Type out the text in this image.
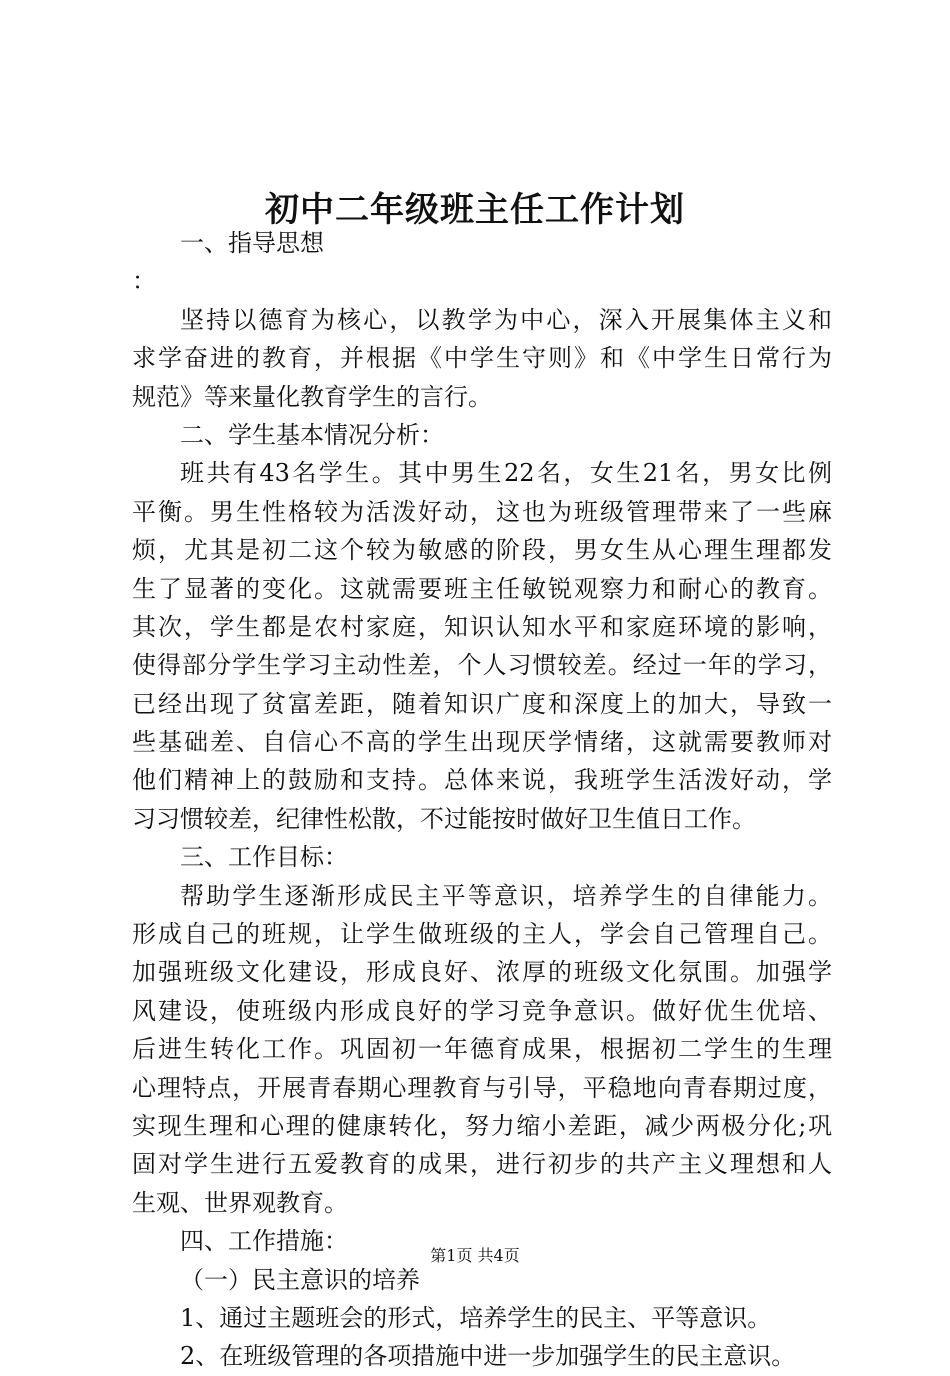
初中二年级班主任工作计划
一、指导思想
：
坚持以德育为核心，以教学为中心，深入开展集体主义和
求学奋进的教育，并根据《中学生守则》和《中学生日常行为
规范》等来量化教育学生的言行。
二、学生基本情况分析：
班共有43名学生。其中男生22名，女生21名，男女比例
平衡。男生性格较为活泼好动，这也为班级管理带来了一些麻
烦，尤其是初二这个较为敏感的阶段，男女生从心理生理都发
生了显著的变化。这就需要班主任敏锐观察力和耐心的教育。
其次，学生都是农村家庭，知识认知水平和家庭环境的影响，
使得部分学生学习主动性差，个人习惯较差。经过一年的学习，
已经出现了贫富差距，随着知识广度和深度上的加大，导致一
些基础差、自信心不高的学生出现厌学情绪，这就需要教师对
他们精神上的鼓励和支持。总体来说，我班学生活泼好动，学
习习惯较差，纪律性松散，不过能按时做好卫生值日工作。
三、工作目标：
帮助学生逐渐形成民主平等意识，培养学生的自律能力。
形成自己的班规，让学生做班级的主人，学会自己管理自己。
加强班级文化建设，形成良好、浓厚的班级文化氛围。加强学
风建设，使班级内形成良好的学习竞争意识。做好优生优培、
后进生转化工作。巩固初一年德育成果，根据初二学生的生理
心理特点，开展青春期心理教育与引导，平稳地向青春期过度，
实现生理和心理的健康转化，努力缩小差距，减少两极分化;巩
固对学生进行五爱教育的成果，进行初步的共产主义理想和人
生观、世界观教育。
四、工作措施：
（一）民主意识的培养
1、通过主题班会的形式，培养学生的民主、平等意识。
2、在班级管理的各项措施中进一步加强学生的民主意识。
第1页 共4页
